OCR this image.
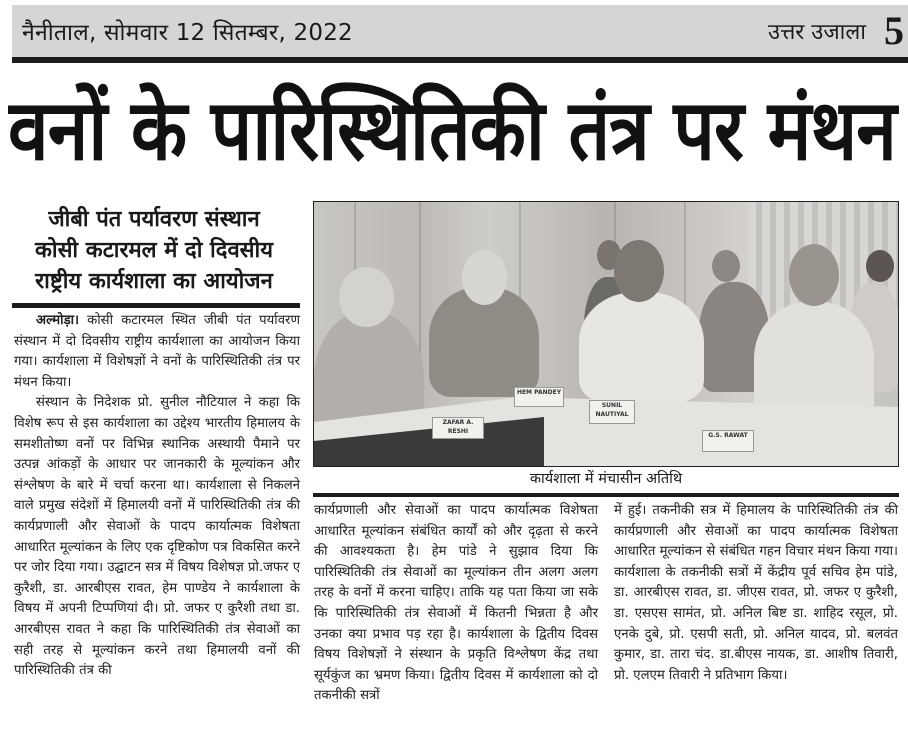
नैनीताल, सोमवार 12 सितम्बर, 2022	उत्तर उजाला 5
वनों के पारिस्थितिकी तंत्र पर मंथन
जीबी पंत पर्यावरण संस्थान
कोसी कटारमल में दो दिवसीय
राष्ट्रीय कार्यशाला का आयोजन

अल्मोड़ा। कोसी कटारमल स्थित जीबी पंत पर्यावरण संस्थान में दो दिवसीय राष्ट्रीय कार्यशाला का आयोजन किया गया। कार्यशाला में विशेषज्ञों ने वनों के पारिस्थितिकी तंत्र पर मंथन किया।

संस्थान के निदेशक प्रो. सुनील नौटियाल ने कहा कि विशेष रूप से इस कार्यशाला का उद्देश्य भारतीय हिमालय के समशीतोष्ण वनों पर विभिन्न स्थानिक अस्थायी पैमाने पर उत्पन्न आंकड़ों के आधार पर जानकारी के मूल्यांकन और संश्लेषण के बारे में चर्चा करना था। कार्यशाला से निकलने वाले प्रमुख संदेशों में हिमालयी वनों में पारिस्थितिकी तंत्र की कार्यप्रणाली और सेवाओं के पादप कार्यात्मक विशेषता आधारित मूल्यांकन के लिए एक दृष्टिकोण पत्र विकसित करने पर जोर दिया गया। उद्घाटन सत्र में विषय विशेषज्ञ प्रो.जफर ए कुरैशी, डा. आरबीएस रावत, हेम पाण्डेय ने कार्यशाला के विषय में अपनी टिप्पणियां दी। प्रो. जफर ए कुरैशी तथा डा. आरबीएस रावत ने कहा कि पारिस्थितिकी तंत्र सेवाओं का सही तरह से मूल्यांकन करने तथा हिमालयी वनों की पारिस्थितिकी तंत्र की

ZAFAR A. RESHI
HEM PANDEY
SUNIL NAUTIYAL
G.S. RAWAT
कार्यशाला में मंचासीन अतिथि

कार्यप्रणाली और सेवाओं का पादप कार्यात्मक विशेषता आधारित मूल्यांकन संबंधित कार्यों को और दृढ़ता से करने की आवश्यकता है। हेम पांडे ने सुझाव दिया कि पारिस्थितिकी तंत्र सेवाओं का मूल्यांकन तीन अलग अलग तरह के वनों में करना चाहिए। ताकि यह पता किया जा सके कि पारिस्थितिकी तंत्र सेवाओं में कितनी भिन्नता है और उनका क्या प्रभाव पड़ रहा है। कार्यशाला के द्वितीय दिवस विषय विशेषज्ञों ने संस्थान के प्रकृति विश्लेषण केंद्र तथा सूर्यकुंज का भ्रमण किया। द्वितीय दिवस में कार्यशाला को दो तकनीकी सत्रों

में हुई। तकनीकी सत्र में हिमालय के पारिस्थितिकी तंत्र की कार्यप्रणाली और सेवाओं का पादप कार्यात्मक विशेषता आधारित मूल्यांकन से संबंधित गहन विचार मंथन किया गया। कार्यशाला के तकनीकी सत्रों में केंद्रीय पूर्व सचिव हेम पांडे, डा. आरबीएस रावत, डा. जीएस रावत, प्रो. जफर ए कुरैशी, डा. एसएस सामंत, प्रो. अनिल बिष्ट डा. शाहिद रसूल, प्रो. एनके दुबे, प्रो. एसपी सती, प्रो. अनिल यादव, प्रो. बलवंत कुमार, डा. तारा चंद. डा.बीएस नायक, डा. आशीष तिवारी, प्रो. एलएम तिवारी ने प्रतिभाग किया।
